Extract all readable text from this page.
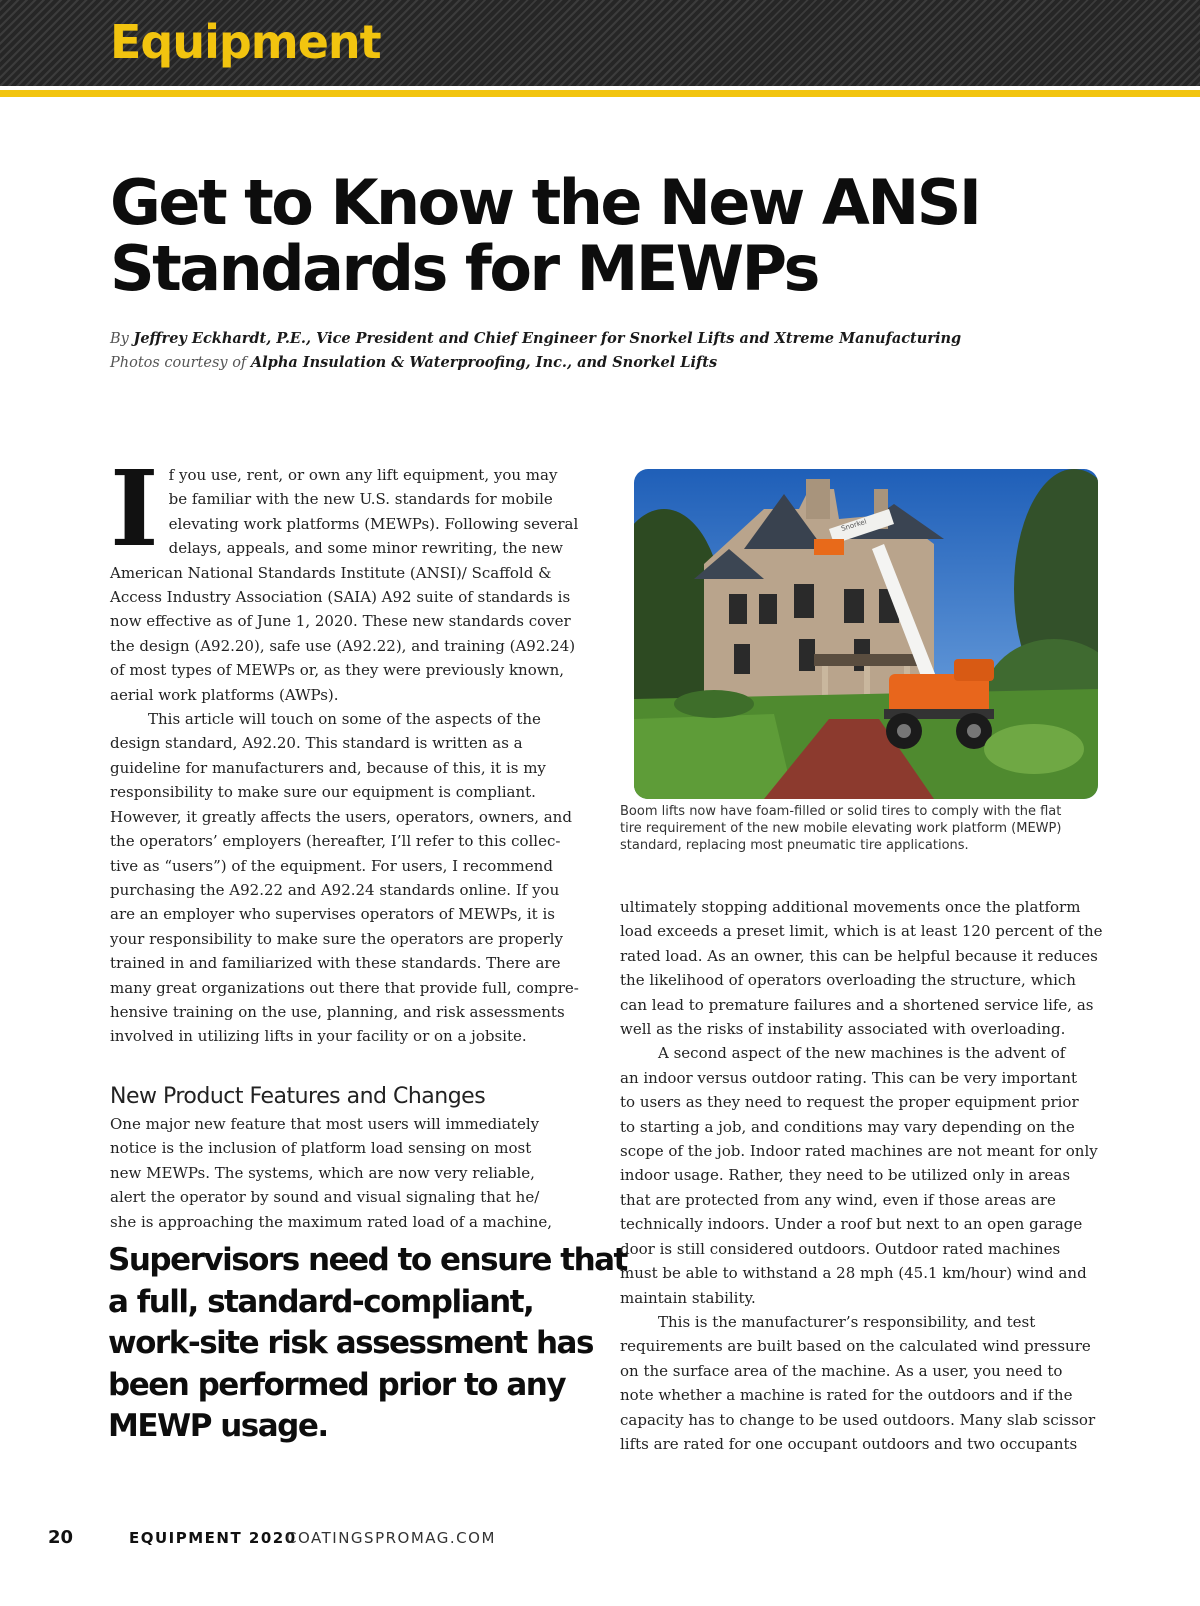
Equipment
Get to Know the New ANSI
Standards for MEWPs
By Jeffrey Eckhardt, P.E., Vice President and Chief Engineer for Snorkel Lifts and Xtreme Manufacturing
Photos courtesy of Alpha Insulation & Waterproofing, Inc., and Snorkel Lifts

I f you use, rent, or own any lift equipment, you may
be familiar with the new U.S. standards for mobile
elevating work platforms (MEWPs). Following several
delays, appeals, and some minor rewriting, the new
American National Standards Institute (ANSI)/ Scaffold &
Access Industry Association (SAIA) A92 suite of standards is
now effective as of June 1, 2020. These new standards cover
the design (A92.20), safe use (A92.22), and training (A92.24)
of most types of MEWPs or, as they were previously known,
aerial work platforms (AWPs).

This article will touch on some of the aspects of the
design standard, A92.20. This standard is written as a
guideline for manufacturers and, because of this, it is my
responsibility to make sure our equipment is compliant.
However, it greatly affects the users, operators, owners, and
the operators’ employers (hereafter, I’ll refer to this collec-
tive as “users”) of the equipment. For users, I recommend
purchasing the A92.22 and A92.24 standards online. If you
are an employer who supervises operators of MEWPs, it is
your responsibility to make sure the operators are properly
trained in and familiarized with these standards. There are
many great organizations out there that provide full, compre-
hensive training on the use, planning, and risk assessments
involved in utilizing lifts in your facility or on a jobsite.
New Product Features and Changes
One major new feature that most users will immediately
notice is the inclusion of platform load sensing on most
new MEWPs. The systems, which are now very reliable,
alert the operator by sound and visual signaling that he/
she is approaching the maximum rated load of a machine,
Supervisors need to ensure that
a full, standard-compliant,
work-site risk assessment has
been performed prior to any
MEWP usage.
Snorkel
Boom lifts now have foam-filled or solid tires to comply with the flat
tire requirement of the new mobile elevating work platform (MEWP)
standard, replacing most pneumatic tire applications.
ultimately stopping additional movements once the platform
load exceeds a preset limit, which is at least 120 percent of the
rated load. As an owner, this can be helpful because it reduces
the likelihood of operators overloading the structure, which
can lead to premature failures and a shortened service life, as
well as the risks of instability associated with overloading.
A second aspect of the new machines is the advent of
an indoor versus outdoor rating. This can be very important
to users as they need to request the proper equipment prior
to starting a job, and conditions may vary depending on the
scope of the job. Indoor rated machines are not meant for only
indoor usage. Rather, they need to be utilized only in areas
that are protected from any wind, even if those areas are
technically indoors. Under a roof but next to an open garage
door is still considered outdoors. Outdoor rated machines
must be able to withstand a 28 mph (45.1 km/hour) wind and
maintain stability.
This is the manufacturer’s responsibility, and test
requirements are built based on the calculated wind pressure
on the surface area of the machine. As a user, you need to
note whether a machine is rated for the outdoors and if the
capacity has to change to be used outdoors. Many slab scissor
lifts are rated for one occupant outdoors and two occupants
20	EQUIPMENT 2020
COATINGSPROMAG.COM
